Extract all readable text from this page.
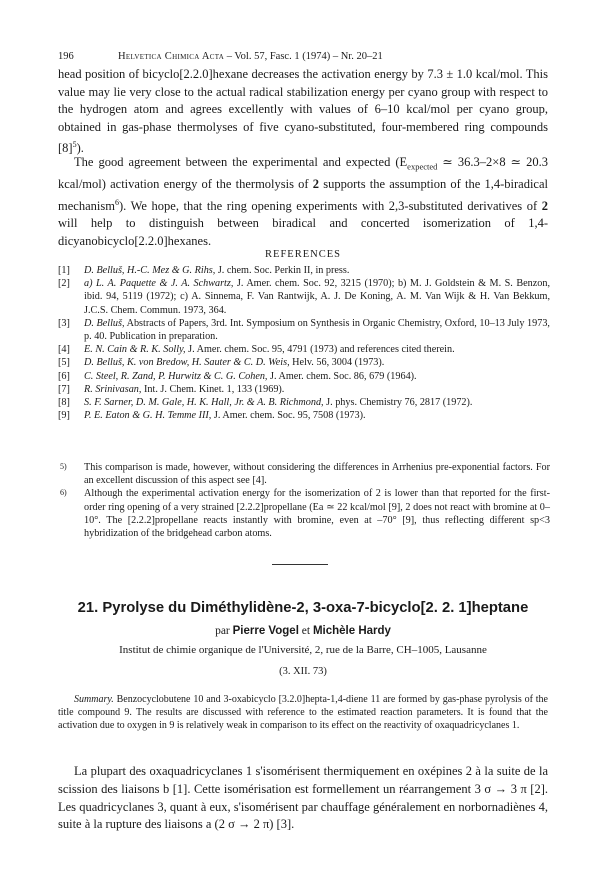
196	Helvetica Chimica Acta – Vol. 57, Fasc. 1 (1974) – Nr. 20–21

head position of bicyclo[2.2.0]hexane decreases the activation energy by 7.3 ± 1.0 kcal/mol. This value may lie very close to the actual radical stabilization energy per cyano group with respect to the hydrogen atom and agrees excellently with values of 6–10 kcal/mol per cyano group, obtained in gas-phase thermolyses of five cyano-substituted, four-membered ring compounds $[8]^5$).

The good agreement between the experimental and expected ($E_{expected}$ ≃ 36.3–2×8 ≃ 20.3 kcal/mol) activation energy of the thermolysis of 2 supports the assumption of the 1,4-biradical mechanism$^6$). We hope, that the ring opening experiments with 2,3-substituted derivatives of 2 will help to distinguish between biradical and concerted isomerization of 1,4-dicyanobicyclo[2.2.0]hexanes.

REFERENCES
[1] D. Belluš, H.-C. Mez & G. Rihs, J. chem. Soc. Perkin II, in press.
[2] a) L. A. Paquette & J. A. Schwartz, J. Amer. chem. Soc. 92, 3215 (1970); b) M. J. Goldstein & M. S. Benzon, ibid. 94, 5119 (1972); c) A. Sinnema, F. Van Rantwijk, A. J. De Koning, A. M. Van Wijk & H. Van Bekkum, J.C.S. Chem. Commun. 1973, 364.
[3] D. Belluš, Abstracts of Papers, 3rd. Int. Symposium on Synthesis in Organic Chemistry, Oxford, 10–13 July 1973, p. 40. Publication in preparation.
[4] E. N. Cain & R. K. Solly, J. Amer. chem. Soc. 95, 4791 (1973) and references cited therein.
[5] D. Belluš, K. von Bredow, H. Sauter & C. D. Weis, Helv. 56, 3004 (1973).
[6] C. Steel, R. Zand, P. Hurwitz & C. G. Cohen, J. Amer. chem. Soc. 86, 679 (1964).
[7] R. Srinivasan, Int. J. Chem. Kinet. 1, 133 (1969).
[8] S. F. Sarner, D. M. Gale, H. K. Hall, Jr. & A. B. Richmond, J. phys. Chemistry 76, 2817 (1972).
[9] P. E. Eaton & G. H. Temme III, J. Amer. chem. Soc. 95, 7508 (1973).
5) This comparison is made, however, without considering the differences in Arrhenius pre-exponential factors. For an excellent discussion of this aspect see [4].
6) Although the experimental activation energy for the isomerization of 2 is lower than that reported for the first-order ring opening of a very strained [2.2.2]propellane (Ea ≃ 22 kcal/mol [9], 2 does not react with bromine at 0–10°. The [2.2.2]propellane reacts instantly with bromine, even at –70° [9], thus reflecting different sp<3 hybridization of the bridgehead carbon atoms.
21. Pyrolyse du Diméthylidène-2, 3-oxa-7-bicyclo[2. 2. 1]heptane
par Pierre Vogel et Michèle Hardy
Institut de chimie organique de l'Université, 2, rue de la Barre, CH–1005, Lausanne
(3. XII. 73)

Summary. Benzocyclobutene 10 and 3-oxabicyclo [3.2.0]hepta-1,4-diene 11 are formed by gas-phase pyrolysis of the title compound 9. The results are discussed with reference to the estimated reaction parameters. It is found that the activation due to oxygen in 9 is relatively weak in comparison to its effect on the reactivity of oxaquadricyclanes 1.

La plupart des oxaquadricyclanes 1 s'isomérisent thermiquement en oxépines 2 à la suite de la scission des liaisons b [1]. Cette isomérisation est formellement un réarrangement 3 σ → 3 π [2]. Les quadricyclanes 3, quant à eux, s'isomérisent par chauffage généralement en norbornadiènes 4, suite à la rupture des liaisons a (2 σ → 2 π) [3].
